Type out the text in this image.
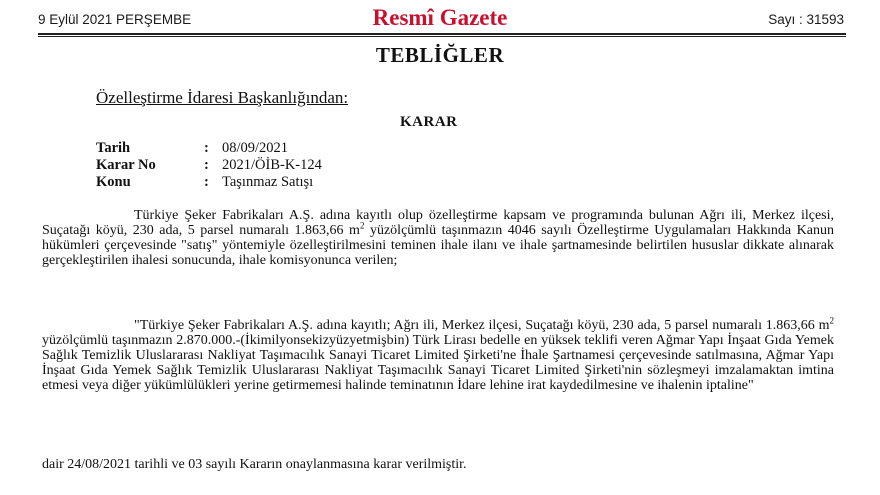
9 Eylül 2021 PERŞEMBE	Resmî Gazete	Sayı : 31593
TEBLİĞLER
Özelleştirme İdaresi Başkanlığından:
KARAR
Tarih	: 08/09/2021
Karar No	: 2021/ÖİB-K-124
Konu	: Taşınmaz Satışı
Türkiye Şeker Fabrikaları A.Ş. adına kayıtlı olup özelleştirme kapsam ve programında bulunan Ağrı ili, Merkez ilçesi, Suçatağı köyü, 230 ada, 5 parsel numaralı 1.863,66 $m^2$ yüzölçümlü taşınmazın 4046 sayılı Özelleştirme Uygulamaları Hakkında Kanun hükümleri çerçevesinde "satış" yöntemiyle özelleştirilmesini teminen ihale ilanı ve ihale şartnamesinde belirtilen hususlar dikkate alınarak gerçekleştirilen ihalesi sonucunda, ihale komisyonunca verilen;
"Türkiye Şeker Fabrikaları A.Ş. adına kayıtlı; Ağrı ili, Merkez ilçesi, Suçatağı köyü, 230 ada, 5 parsel numaralı 1.863,66 $m^2$ yüzölçümlü taşınmazın 2.870.000.-(İkimilyonsekizyüzyetmişbin) Türk Lirası bedelle en yüksek teklifi veren Ağmar Yapı İnşaat Gıda Yemek Sağlık Temizlik Uluslararası Nakliyat Taşımacılık Sanayi Ticaret Limited Şirketi'ne İhale Şartnamesi çerçevesinde satılmasına, Ağmar Yapı İnşaat Gıda Yemek Sağlık Temizlik Uluslararası Nakliyat Taşımacılık Sanayi Ticaret Limited Şirketi'nin sözleşmeyi imzalamaktan imtina etmesi veya diğer yükümlülükleri yerine getirmemesi halinde teminatının İdare lehine irat kaydedilmesine ve ihalenin iptaline"
dair 24/08/2021 tarihli ve 03 sayılı Kararın onaylanmasına karar verilmiştir.
